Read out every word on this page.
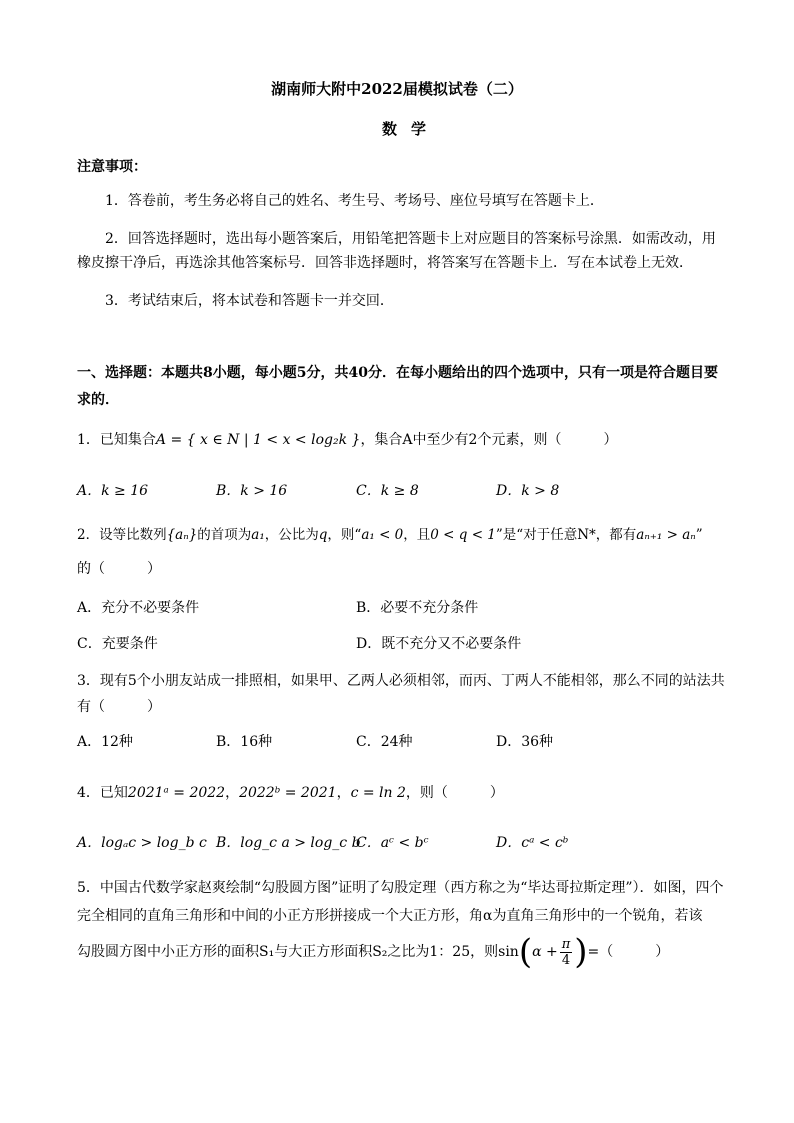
湖南师大附中2022届模拟试卷（二）
数学
注意事项：
1．答卷前，考生务必将自己的姓名、考生号、考场号、座位号填写在答题卡上．
2．回答选择题时，选出每小题答案后，用铅笔把答题卡上对应题目的答案标号涂黑．如需改动，用橡皮擦干净后，再选涂其他答案标号．回答非选择题时，将答案写在答题卡上．写在本试卷上无效．
3．考试结束后，将本试卷和答题卡一并交回．
一、选择题：本题共8小题，每小题5分，共40分．在每小题给出的四个选项中，只有一项是符合题目要求的．
1．已知集合A = { x ∈ N | 1 < x < log₂k }，集合A中至少有2个元素，则（　　　）
A．k ≥ 16	B．k > 16	C．k ≥ 8	D．k > 8
2．设等比数列{aₙ}的首项为a₁，公比为q，则“a₁ < 0，且0 < q < 1”是“对于任意N*，都有aₙ₊₁ > aₙ”
的（　　　）
A．充分不必要条件	B．必要不充分条件
C．充要条件	D．既不充分又不必要条件
3．现有5个小朋友站成一排照相，如果甲、乙两人必须相邻，而丙、丁两人不能相邻，那么不同的站法共有（　　　）
A．12种	B．16种	C．24种	D．36种
4．已知2021ᵃ = 2022，2022ᵇ = 2021，c = ln 2，则（　　　）
A．logₐc > log_b c B．log_c a > log_c b
C．aᶜ < bᶜ	D．cᵃ < cᵇ
5．中国古代数学家赵爽绘制“勾股圆方图”证明了勾股定理（西方称之为“毕达哥拉斯定理”）．如图，四个完全相同的直角三角形和中间的小正方形拼接成一个大正方形，角α为直角三角形中的一个锐角，若该
勾股圆方图中小正方形的面积S₁与大正方形面积S₂之比为1：25，则$\sin(\alpha + \frac{\pi}{4}$ )=（　　　）
